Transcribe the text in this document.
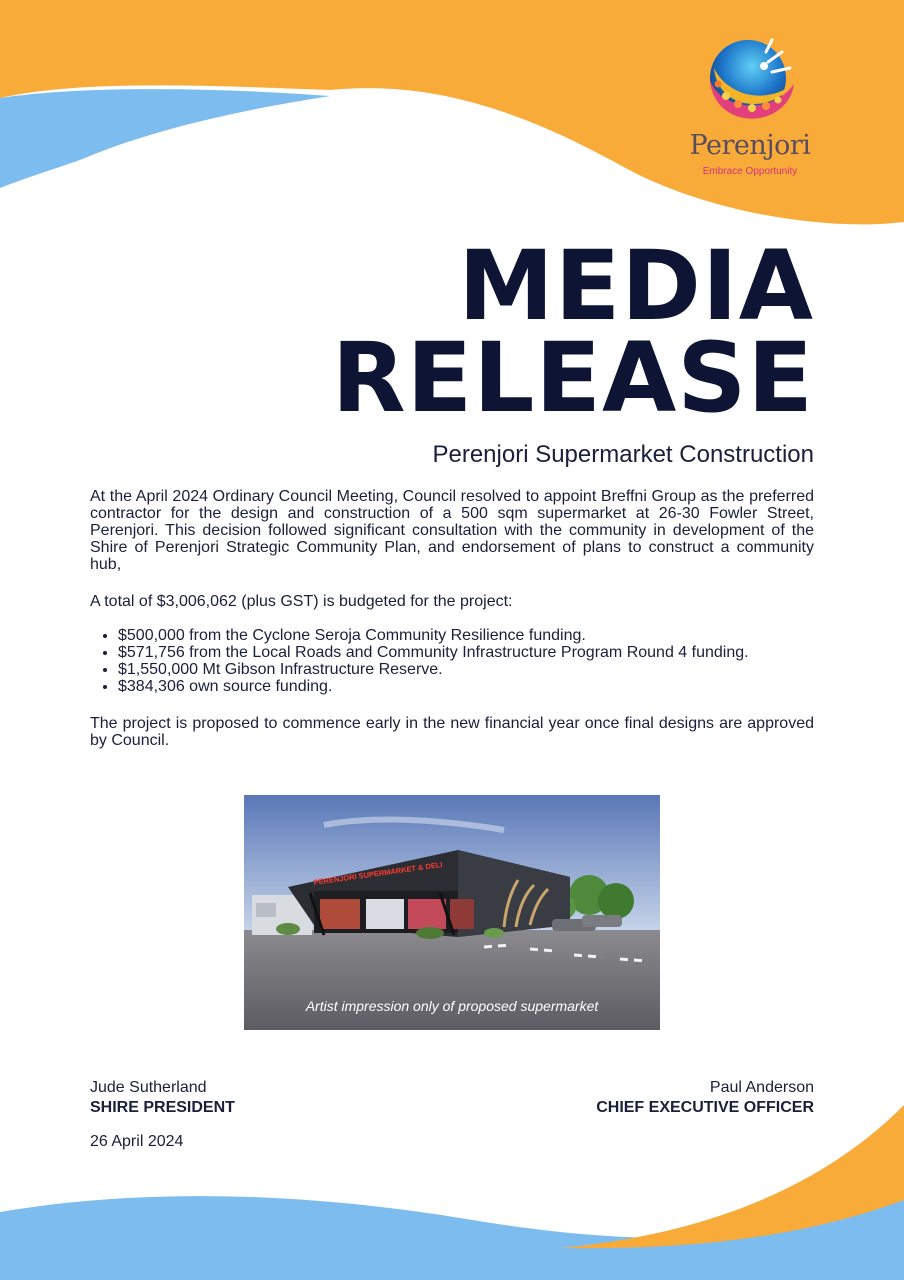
Perenjori
Embrace Opportunity
MEDIA
RELEASE
Perenjori Supermarket Construction

At the April 2024 Ordinary Council Meeting, Council resolved to appoint Breffni Group as the preferred contractor for the design and construction of a 500 sqm supermarket at 26-30 Fowler Street, Perenjori. This decision followed significant consultation with the community in development of the Shire of Perenjori Strategic Community Plan, and endorsement of plans to construct a community hub,

A total of $3,006,062 (plus GST) is budgeted for the project:

• $500,000 from the Cyclone Seroja Community Resilience funding.
• $571,756 from the Local Roads and Community Infrastructure Program Round 4 funding.
• $1,550,000 Mt Gibson Infrastructure Reserve.
• $384,306 own source funding.

The project is proposed to commence early in the new financial year once final designs are approved by Council.

PERENJORI SUPERMARKET & DELI
Artist impression only of proposed supermarket
Jude Sutherland
SHIRE PRESIDENT
Paul Anderson
CHIEF EXECUTIVE OFFICER
26 April 2024
